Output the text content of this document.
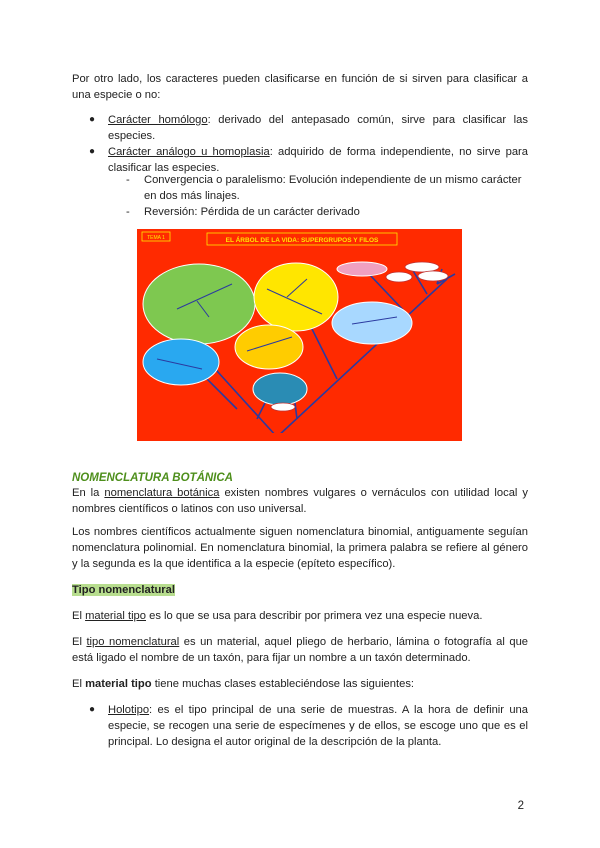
Por otro lado, los caracteres pueden clasificarse en función de si sirven para clasificar a una especie o no:

● Carácter homólogo: derivado del antepasado común, sirve para clasificar las especies.

● Carácter análogo u homoplasia: adquirido de forma independiente, no sirve para clasificar las especies.

- Convergencia o paralelismo: Evolución independiente de un mismo carácter en dos más linajes.

- Reversión: Pérdida de un carácter derivado

TEMA 1	EL ÁRBOL DE LA VIDA: SUPERGRUPOS Y FILOS

NOMENCLATURA BOTÁNICA

En la nomenclatura botánica existen nombres vulgares o vernáculos con utilidad local y nombres científicos o latinos con uso universal.

Los nombres científicos actualmente siguen nomenclatura binomial, antiguamente seguían nomenclatura polinomial. En nomenclatura binomial, la primera palabra se refiere al género y la segunda es la que identifica a la especie (epíteto específico).

Tipo nomenclatural

El material tipo es lo que se usa para describir por primera vez una especie nueva.

El tipo nomenclatural es un material, aquel pliego de herbario, lámina o fotografía al que está ligado el nombre de un taxón, para fijar un nombre a un taxón determinado.

El material tipo tiene muchas clases estableciéndose las siguientes:

● Holotipo: es el tipo principal de una serie de muestras. A la hora de definir una especie, se recogen una serie de especímenes y de ellos, se escoge uno que es el principal. Lo designa el autor original de la descripción de la planta.

2
